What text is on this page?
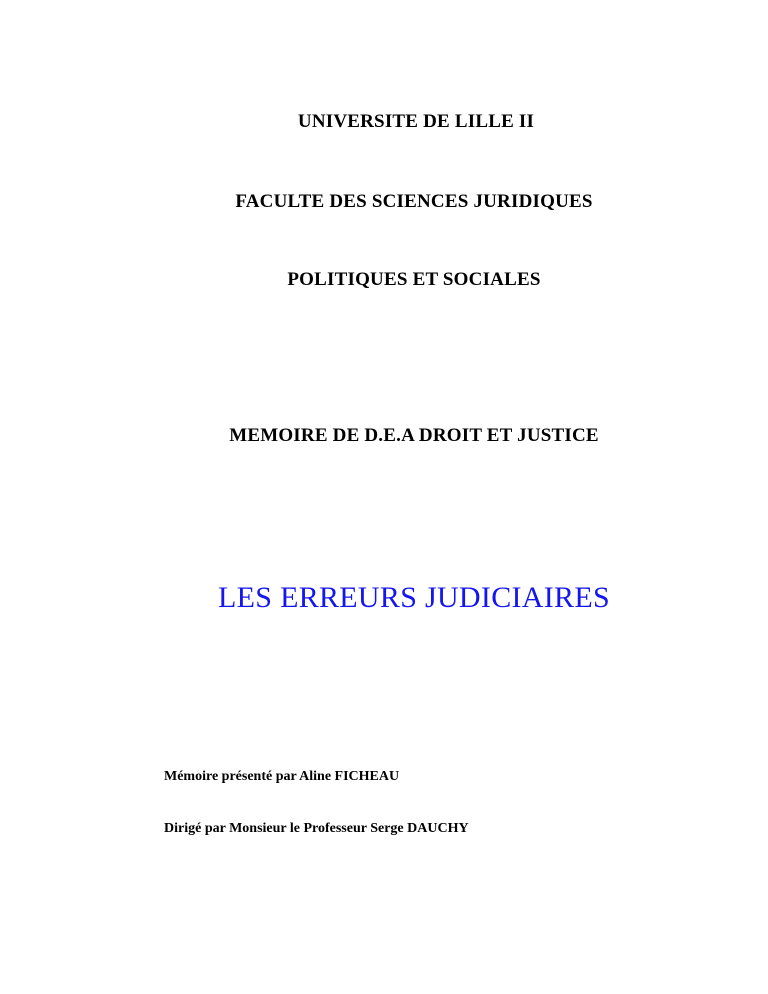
UNIVERSITE DE LILLE II
FACULTE DES SCIENCES JURIDIQUES
POLITIQUES ET SOCIALES
MEMOIRE DE D.E.A DROIT ET JUSTICE
LES ERREURS JUDICIAIRES
Mémoire présenté par Aline FICHEAU
Dirigé par Monsieur le Professeur Serge DAUCHY
